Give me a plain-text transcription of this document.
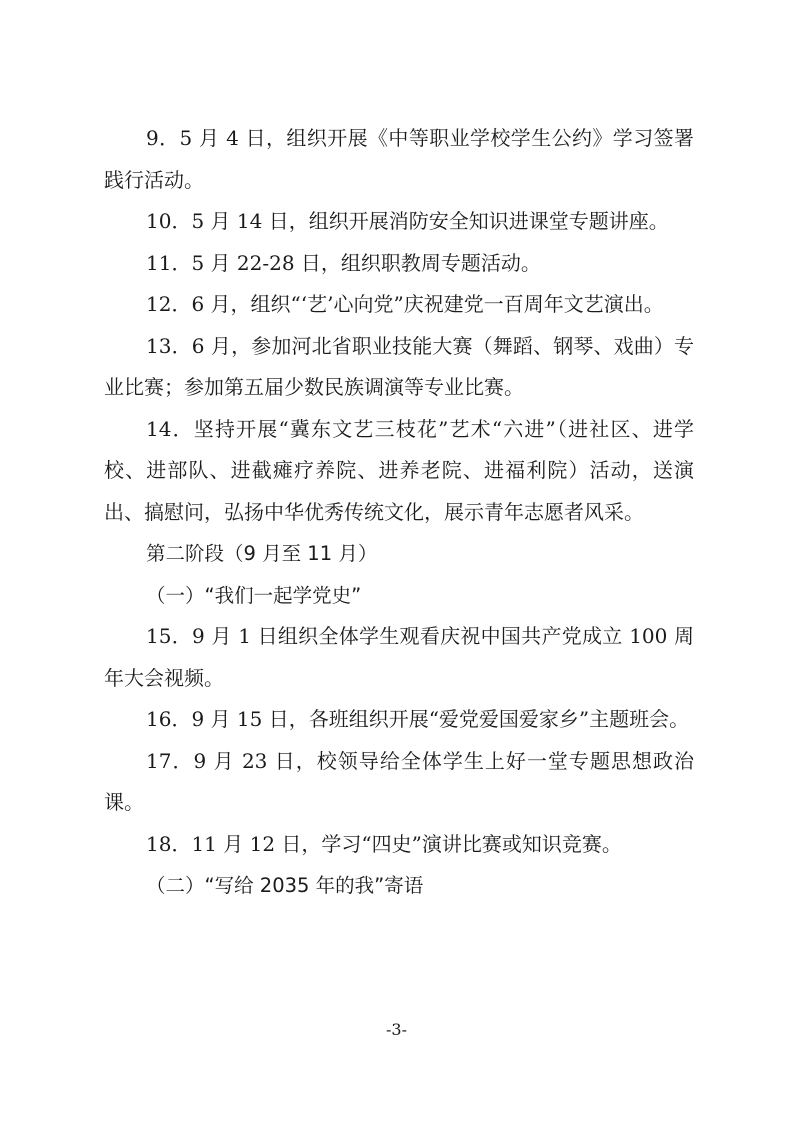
9．5 月 4 日，组织开展《中等职业学校学生公约》学习签署践行活动。

10．5 月 14 日，组织开展消防安全知识进课堂专题讲座。

11．5 月 22-28 日，组织职教周专题活动。

12．6 月，组织“‘艺’心向党”庆祝建党一百周年文艺演出。

13．6 月，参加河北省职业技能大赛（舞蹈、钢琴、戏曲）专业比赛；参加第五届少数民族调演等专业比赛。

14．坚持开展“冀东文艺三枝花”艺术“六进”（进社区、进学校、进部队、进截瘫疗养院、进养老院、进福利院）活动，送演出、搞慰问，弘扬中华优秀传统文化，展示青年志愿者风采。

第二阶段（9 月至 11 月）

（一）“我们一起学党史”

15．9 月 1 日组织全体学生观看庆祝中国共产党成立 100 周年大会视频。

16．9 月 15 日，各班组织开展“爱党爱国爱家乡”主题班会。

17．9 月 23 日，校领导给全体学生上好一堂专题思想政治课。

18．11 月 12 日，学习“四史”演讲比赛或知识竞赛。

（二）“写给 2035 年的我”寄语

-3-
